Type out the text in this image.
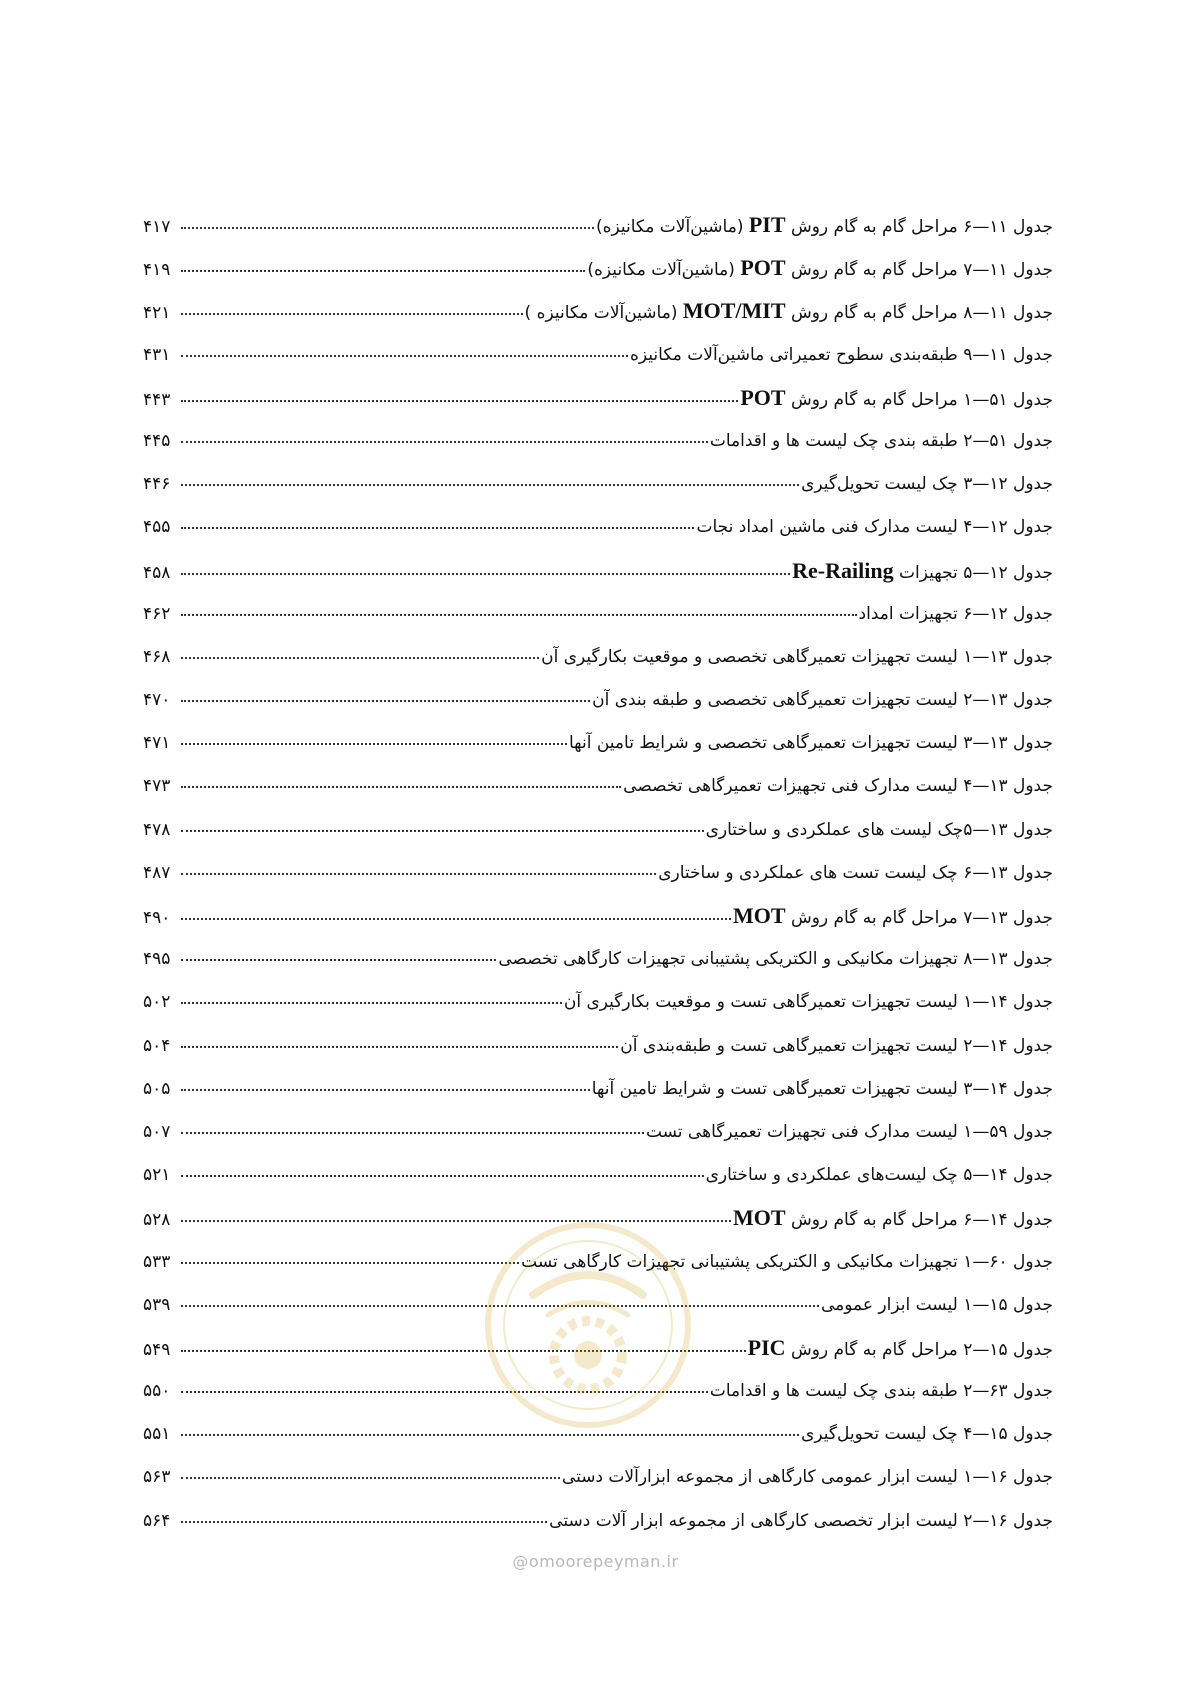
جدول ۱۱—۶ مراحل گام به گام روش PIT (ماشین‌آلات مکانیزه)
۴۱۷
جدول ۱۱—۷ مراحل گام به گام روش POT (ماشین‌آلات مکانیزه)
۴۱۹
جدول ۱۱—۸ مراحل گام به گام روش MOT/MIT (ماشین‌آلات مکانیزه )
۴۲۱
جدول ۱۱—۹ طبقه‌بندی سطوح تعمیراتی ماشین‌آلات مکانیزه
۴۳۱
جدول ۵۱—۱ مراحل گام به گام روش POT
۴۴۳
جدول ۵۱—۲ طبقه بندی چک لیست ها و اقدامات
۴۴۵
جدول ۱۲—۳ چک لیست تحویل‌گیری
۴۴۶
جدول ۱۲—۴ لیست مدارک فنی ماشین امداد نجات
۴۵۵
جدول ۱۲—۵ تجهیزات Re-Railing
۴۵۸
جدول ۱۲—۶ تجهیزات امداد
۴۶۲
جدول ۱۳—۱ لیست تجهیزات تعمیرگاهی تخصصی و موقعیت بکارگیری آن
۴۶۸
جدول ۱۳—۲ لیست تجهیزات تعمیرگاهی تخصصی و طبقه بندی آن
۴۷۰
جدول ۱۳—۳ لیست تجهیزات تعمیرگاهی تخصصی و شرایط تامین آنها
۴۷۱
جدول ۱۳—۴ لیست مدارک فنی تجهیزات تعمیرگاهی تخصصی
۴۷۳
جدول ۱۳—۵چک لیست های عملکردی و ساختاری
۴۷۸
جدول ۱۳—۶ چک لیست تست های عملکردی و ساختاری
۴۸۷
جدول ۱۳—۷ مراحل گام به گام روش MOT
۴۹۰
جدول ۱۳—۸ تجهیزات مکانیکی و الکتریکی پشتیبانی تجهیزات کارگاهی تخصصی
۴۹۵
جدول ۱۴—۱ لیست تجهیزات تعمیرگاهی تست و موقعیت بکارگیری آن
۵۰۲
جدول ۱۴—۲ لیست تجهیزات تعمیرگاهی تست و طبقه‌بندی آن
۵۰۴
جدول ۱۴—۳ لیست تجهیزات تعمیرگاهی تست و شرایط تامین آنها
۵۰۵
جدول ۵۹—۱ لیست مدارک فنی تجهیزات تعمیرگاهی تست
۵۰۷
جدول ۱۴—۵ چک لیست‌های عملکردی و ساختاری
۵۲۱
جدول ۱۴—۶ مراحل گام به گام روش MOT
۵۲۸
جدول ۶۰—۱ تجهیزات مکانیکی و الکتریکی پشتیبانی تجهیزات کارگاهی تست
۵۳۳
جدول ۱۵—۱ لیست ابزار عمومی
۵۳۹
جدول ۱۵—۲ مراحل گام به گام روش PIC
۵۴۹
جدول ۶۳—۲ طبقه بندی چک لیست ها و اقدامات
۵۵۰
جدول ۱۵—۴ چک لیست تحویل‌گیری
۵۵۱
جدول ۱۶—۱ لیست ابزار عمومی کارگاهی از مجموعه ابزارآلات دستی
۵۶۳
جدول ۱۶—۲ لیست ابزار تخصصی کارگاهی از مجموعه ابزار آلات دستی
۵۶۴
@omoorepeyman.ir
